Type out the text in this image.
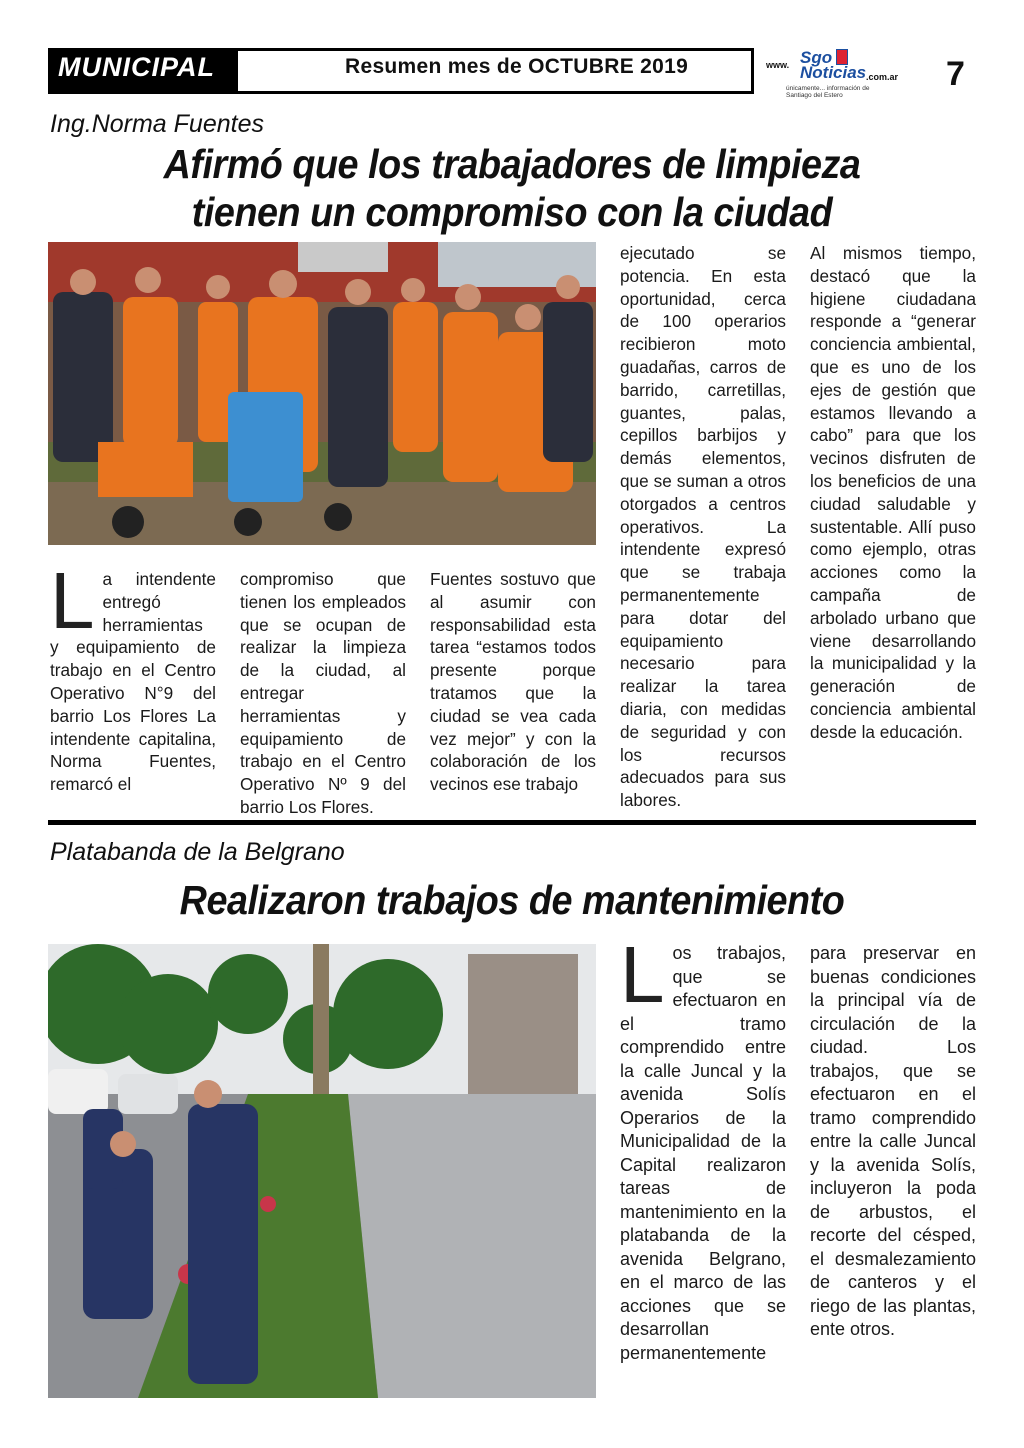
MUNICIPAL	Resumen mes de OCTUBRE 2019	www. Sgo
Noticias .com.ar
únicamente... información de Santiago del Estero
7
Ing.Norma Fuentes
Afirmó que los trabajadores de limpieza
tienen un compromiso con la ciudad
La intendente entregó herramientas y equipamiento de trabajo en el Centro Operativo N°9 del barrio Los Flores La intendente capitalina, Norma Fuentes, remarcó el
compromiso que tienen los empleados que se ocupan de realizar la limpieza de la ciudad, al entregar herramientas y equipamiento de trabajo en el Centro Operativo Nº 9 del barrio Los Flores.
Fuentes sostuvo que al asumir con responsabilidad esta tarea “estamos todos presente porque tratamos que la ciudad se vea cada vez mejor” y con la colaboración de los vecinos ese trabajo
ejecutado se potencia. En esta oportunidad, cerca de 100 operarios recibieron moto guadañas, carros de barrido, carretillas, guantes, palas, cepillos barbijos y demás elementos, que se suman a otros otorgados a centros operativos. La intendente expresó que se trabaja permanentemente para dotar del equipamiento necesario para realizar la tarea diaria, con medidas de seguridad y con los recursos adecuados para sus labores.
Al mismos tiempo, destacó que la higiene ciudadana responde a “generar conciencia ambiental, que es uno de los ejes de gestión que estamos llevando a cabo” para que los vecinos disfruten de los beneficios de una ciudad saludable y sustentable. Allí puso como ejemplo, otras acciones como la campaña de arbolado urbano que viene desarrollando la municipalidad y la generación de conciencia ambiental desde la educación.
Platabanda de la Belgrano
Realizaron trabajos de mantenimiento
Los trabajos, que se efectuaron en el tramo comprendido entre la calle Juncal y la avenida Solís Operarios de la Municipalidad de la Capital realizaron tareas de mantenimiento en la platabanda de la avenida Belgrano, en el marco de las acciones que se desarrollan permanentemente
para preservar en buenas condiciones la principal vía de circulación de la ciudad. Los trabajos, que se efectuaron en el tramo comprendido entre la calle Juncal y la avenida Solís, incluyeron la poda de arbustos, el recorte del césped, el desmalezamiento de canteros y el riego de las plantas, ente otros.
